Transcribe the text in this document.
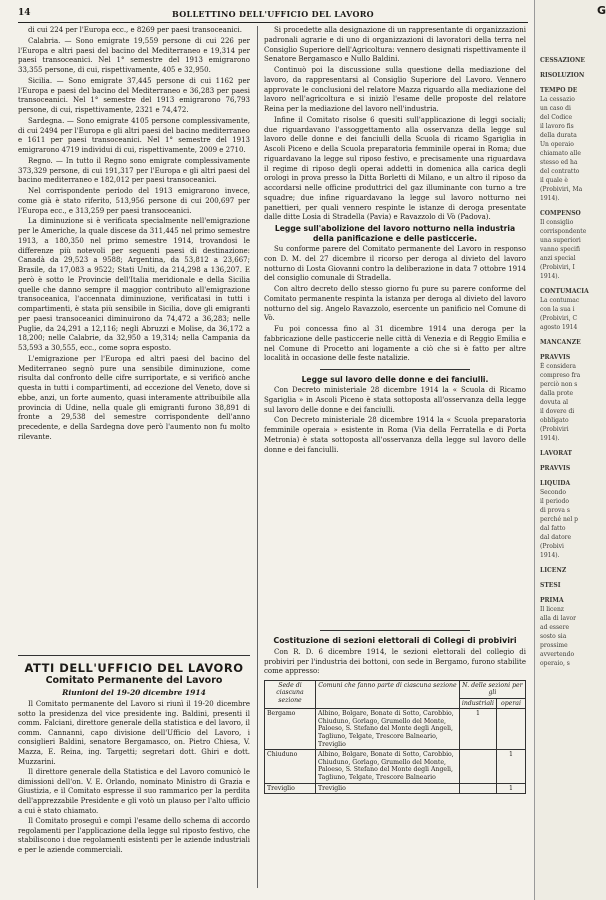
14	BOLLETTINO DELL'UFFICIO DEL LAVORO

di cui 224 per l'Europa ecc., e 8269 per paesi transoceanici.

Calabria. — Sono emigrate 19,559 persone di cui 226 per l'Europa e altri paesi del bacino del Mediterraneo e 19,314 per paesi transoceanici. Nel 1° semestre del 1913 emigrarono 33,355 persone, di cui, rispettivamente, 405 e 32,950.

Sicilia. — Sono emigrate 37,445 persone di cui 1162 per l'Europa e paesi del bacino del Mediterraneo e 36,283 per paesi transoceanici. Nel 1° semestre del 1913 emigrarono 76,793 persone, di cui, rispettivamente, 2321 e 74,472.

Sardegna. — Sono emigrate 4105 persone complessivamente, di cui 2494 per l'Europa e gli altri paesi del bacino mediterraneo e 1611 per paesi transoceanici. Nel 1° semestre del 1913 emigrarono 4719 individui di cui, rispettivamente, 2009 e 2710.

Regno. — In tutto il Regno sono emigrate complessivamente 373,329 persone, di cui 191,317 per l'Europa e gli altri paesi del bacino mediterraneo e 182,012 per paesi transoceanici.

Nel corrispondente periodo del 1913 emigrarono invece, come già è stato riferito, 513,956 persone di cui 200,697 per l'Europa ecc., e 313,259 per paesi transoceanici.

La diminuzione si è verificata specialmente nell'emigrazione per le Americhe, la quale discese da 311,445 nel primo semestre 1913, a 180,350 nel primo semestre 1914, trovandosi le differenze più notevoli per seguenti paesi di destinazione: Canadà da 29,523 a 9588; Argentina, da 53,812 a 23,667; Brasile, da 17,083 a 9522; Stati Uniti, da 214,298 a 136,207. E però è sotto le Provincie dell'Italia meridionale e della Sicilia quelle che danno sempre il maggior contributo all'emigrazione transoceanica, l'accennata diminuzione, verificatasi in tutti i compartimenti, è stata più sensibile in Sicilia, dove gli emigranti per paesi transoceanici diminuirono da 74,472 a 36,283; nelle Puglie, da 24,291 a 12,116; negli Abruzzi e Molise, da 36,172 a 18,200; nelle Calabrie, da 32,950 a 19,314; nella Campania da 53,593 a 30,555, ecc., come sopra esposto.

L'emigrazione per l'Europa ed altri paesi del bacino del Mediterraneo segnò pure una sensibile diminuzione, come risulta dal confronto delle cifre surriportate, e si verificò anche questa in tutti i compartimenti, ad eccezione del Veneto, dove si ebbe, anzi, un forte aumento, quasi interamente attribuibile alla provincia di Udine, nella quale gli emigranti furono 38,891 di fronte a 29,538 del semestre corrispondente dell'anno precedente, e della Sardegna dove però l'aumento non fu molto rilevante.

ATTI DELL'UFFICIO DEL LAVORO
Comitato Permanente del Lavoro
Riunioni del 19-20 dicembre 1914

Il Comitato permanente del Lavoro si riunì il 19-20 dicembre sotto la presidenza del vice presidente ing. Baldini, presenti il comm. Falciani, direttore generale della statistica e del lavoro, il comm. Cannanni, capo divisione dell'Ufficio del Lavoro, i consiglieri Baldini, senatore Bergamasco, on. Pietro Chiesa, V. Mazza, E. Reina, ing. Targetti; segretari dott. Ghiri e dott. Muzzarini.

Il direttore generale della Statistica e del Lavoro comunicò le dimissioni dell'on. V. E. Orlando, nominato Ministro di Grazia e Giustizia, e il Comitato espresse il suo rammarico per la perdita dell'apprezzabile Presidente e gli votò un plauso per l'alto ufficio a cui è stato chiamato.

Il Comitato proseguì e compì l'esame dello schema di accordo regolamenti per l'applicazione della legge sul riposto festivo, che stabiliscono i due regolamenti esistenti per le aziende industriali e per le aziende commerciali.

Si procedette alla designazione di un rappresentante di organizzazioni padronali agrarie e di uno di organizzazioni di lavoratori della terra nel Consiglio Superiore dell'Agricoltura: vennero designati rispettivamente il Senatore Bergamasco e Nullo Baldini.

Continuò poi la discussione sulla questione della mediazione del lavoro, da rappresentarsi al Consiglio Superiore del Lavoro. Vennero approvate le conclusioni del relatore Mazza riguardo alla mediazione del lavoro nell'agricoltura e si iniziò l'esame delle proposte del relatore Reina per la mediazione del lavoro nell'industria.

Infine il Comitato risolse 6 quesiti sull'applicazione di leggi sociali; due riguardavano l'assoggettamento alla osservanza della legge sul lavoro delle donne e dei fanciulli della Scuola di ricamo Sgariglia in Ascoli Piceno e della Scuola preparatoria femminile operai in Roma; due riguardavano la legge sul riposo festivo, e precisamente una riguardava il regime di riposo degli operai addetti in domenica alla carica degli orologi in prova presso la Ditta Borletti di Milano, e un altro il riposo da accordarsi nelle officine produttrici del gaz illuminante con turno a tre squadre; due infine riguardavano la legge sul lavoro notturno nei panettieri, per quali vennero respinte le istanze di deroga presentate dalle ditte Losia di Stradella (Pavia) e Ravazzolo di Vò (Padova).

Legge sull'abolizione del lavoro notturno nella industria della panificazione e delle pasticcerie.

Su conforme parere del Comitato permanente del Lavoro in responso con D. M. del 27 dicembre il ricorso per deroga al divieto del lavoro notturno di Losta Giovanni contro la deliberazione in data 7 ottobre 1914 del consiglio comunale di Stradella.

Con altro decreto dello stesso giorno fu pure su parere conforme del Comitato permanente respinta la istanza per deroga al divieto del lavoro notturno del sig. Angelo Ravazzolo, esercente un panificio nel Comune di Vò.

Fu poi concessa fino al 31 dicembre 1914 una deroga per la fabbricazione delle pasticcerie nelle città di Venezia e di Reggio Emilia e nel Comune di Procetto ani logamente a ciò che si è fatto per altre località in occasione delle feste natalizie.

Legge sul lavoro delle donne e dei fanciulli.

Con Decreto ministeriale 28 dicembre 1914 la « Scuola di Ricamo Sgariglia » in Ascoli Piceno è stata sottoposta all'osservanza della legge sul lavoro delle donne e dei fanciulli.

Con Decreto ministeriale 28 dicembre 1914 la « Scuola preparatoria femminile operaia » esistente in Roma (Via della Ferratella e di Porta Metronia) è stata sottoposta all'osservanza della legge sul lavoro delle donne e dei fanciulli.

Costituzione di sezioni elettorali di Collegi di probiviri

Con R. D. 6 dicembre 1914, le sezioni elettorali del collegio di probiviri per l'industria dei bottoni, con sede in Bergamo, furono stabilite come appresso:

Sede di ciascuna sezione	Comuni che fanno parte di ciascuna sezione	N. delle sezioni per gli	
		industriali	operai
Bergamo	Albino, Bolgare, Bonate di Sotto, Carobbio, Chiuduno, Gorlago, Grumello del Monte, Paloeso, S. Stefano del Monte degli Angeli, Tagliuno, Telgate, Trescore Balneario, Treviglio	1	
Chiuduno	Albino, Bolgare, Bonate di Sotto, Carobbio, Chiuduno, Gorlago, Grumello del Monte, Paloeso, S. Stefano del Monte degli Angeli, Tagliuno, Telgate, Trescore Balneario		1
Treviglio	Treviglio		1
G
CESSAZIONE
RISOLUZION
TEMPO DE
La cessazio
un caso di
del Codice
il lavoro fis
della durata
Un operaio
chiamato alle
stesso ed ha
del contratto
il quale è
(Probiviri, Ma
1914).
COMPENSO
Il consiglio
corrispondente
una superiori
vanno specifi
anzi special
(Probiviri, I
1914).
CONTUMACIA
La contumac
con la sua i
(Probiviri, C
agosto 1914
MANCANZE
PRAVVIS
È considera
compreso fra
perciò non s
dalla prote
dovuta al
il dovere di
obbligato
(Probiviri
1914).
LAVORAT
PRAVVIS
LIQUIDA
Secondo
il periodo
di prova s
perché nel p
dal fatto
dal datore
(Probivi
1914).
LICENZ
STESI
PRIMA
Il licenz
alla di lavor
ad essere
sosto sia
prossime
avvertendo
operaio, s
